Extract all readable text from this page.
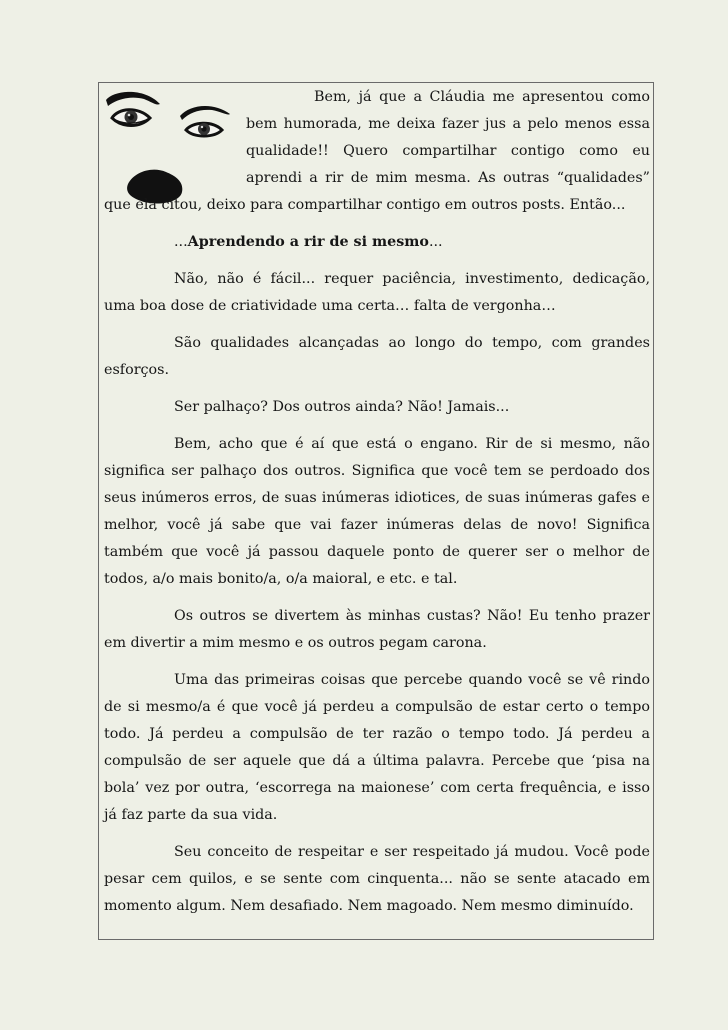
Bem, já que a Cláudia me apresentou como bem humorada, me deixa fazer jus a pelo menos essa qualidade!! Quero compartilhar contigo como eu aprendi a rir de mim mesma. As outras “qualidades” que ela citou, deixo para compartilhar contigo em outros posts. Então...

...Aprendendo a rir de si mesmo...

Não, não é fácil... requer paciência, investimento, dedicação, uma boa dose de criatividade uma certa… falta de vergonha…

São qualidades alcançadas ao longo do tempo, com grandes esforços.

Ser palhaço? Dos outros ainda? Não! Jamais...

Bem, acho que é aí que está o engano. Rir de si mesmo, não significa ser palhaço dos outros. Significa que você tem se perdoado dos seus inúmeros erros, de suas inúmeras idiotices, de suas inúmeras gafes e melhor, você já sabe que vai fazer inúmeras delas de novo! Significa também que você já passou daquele ponto de querer ser o melhor de todos, a/o mais bonito/a, o/a maioral, e etc. e tal.

Os outros se divertem às minhas custas? Não! Eu tenho prazer em divertir a mim mesmo e os outros pegam carona.

Uma das primeiras coisas que percebe quando você se vê rindo de si mesmo/a é que você já perdeu a compulsão de estar certo o tempo todo. Já perdeu a compulsão de ter razão o tempo todo. Já perdeu a compulsão de ser aquele que dá a última palavra. Percebe que ‘pisa na bola’ vez por outra, ‘escorrega na maionese’ com certa frequência, e isso já faz parte da sua vida.

Seu conceito de respeitar e ser respeitado já mudou. Você pode pesar cem quilos, e se sente com cinquenta... não se sente atacado em momento algum. Nem desafiado. Nem magoado. Nem mesmo diminuído.
